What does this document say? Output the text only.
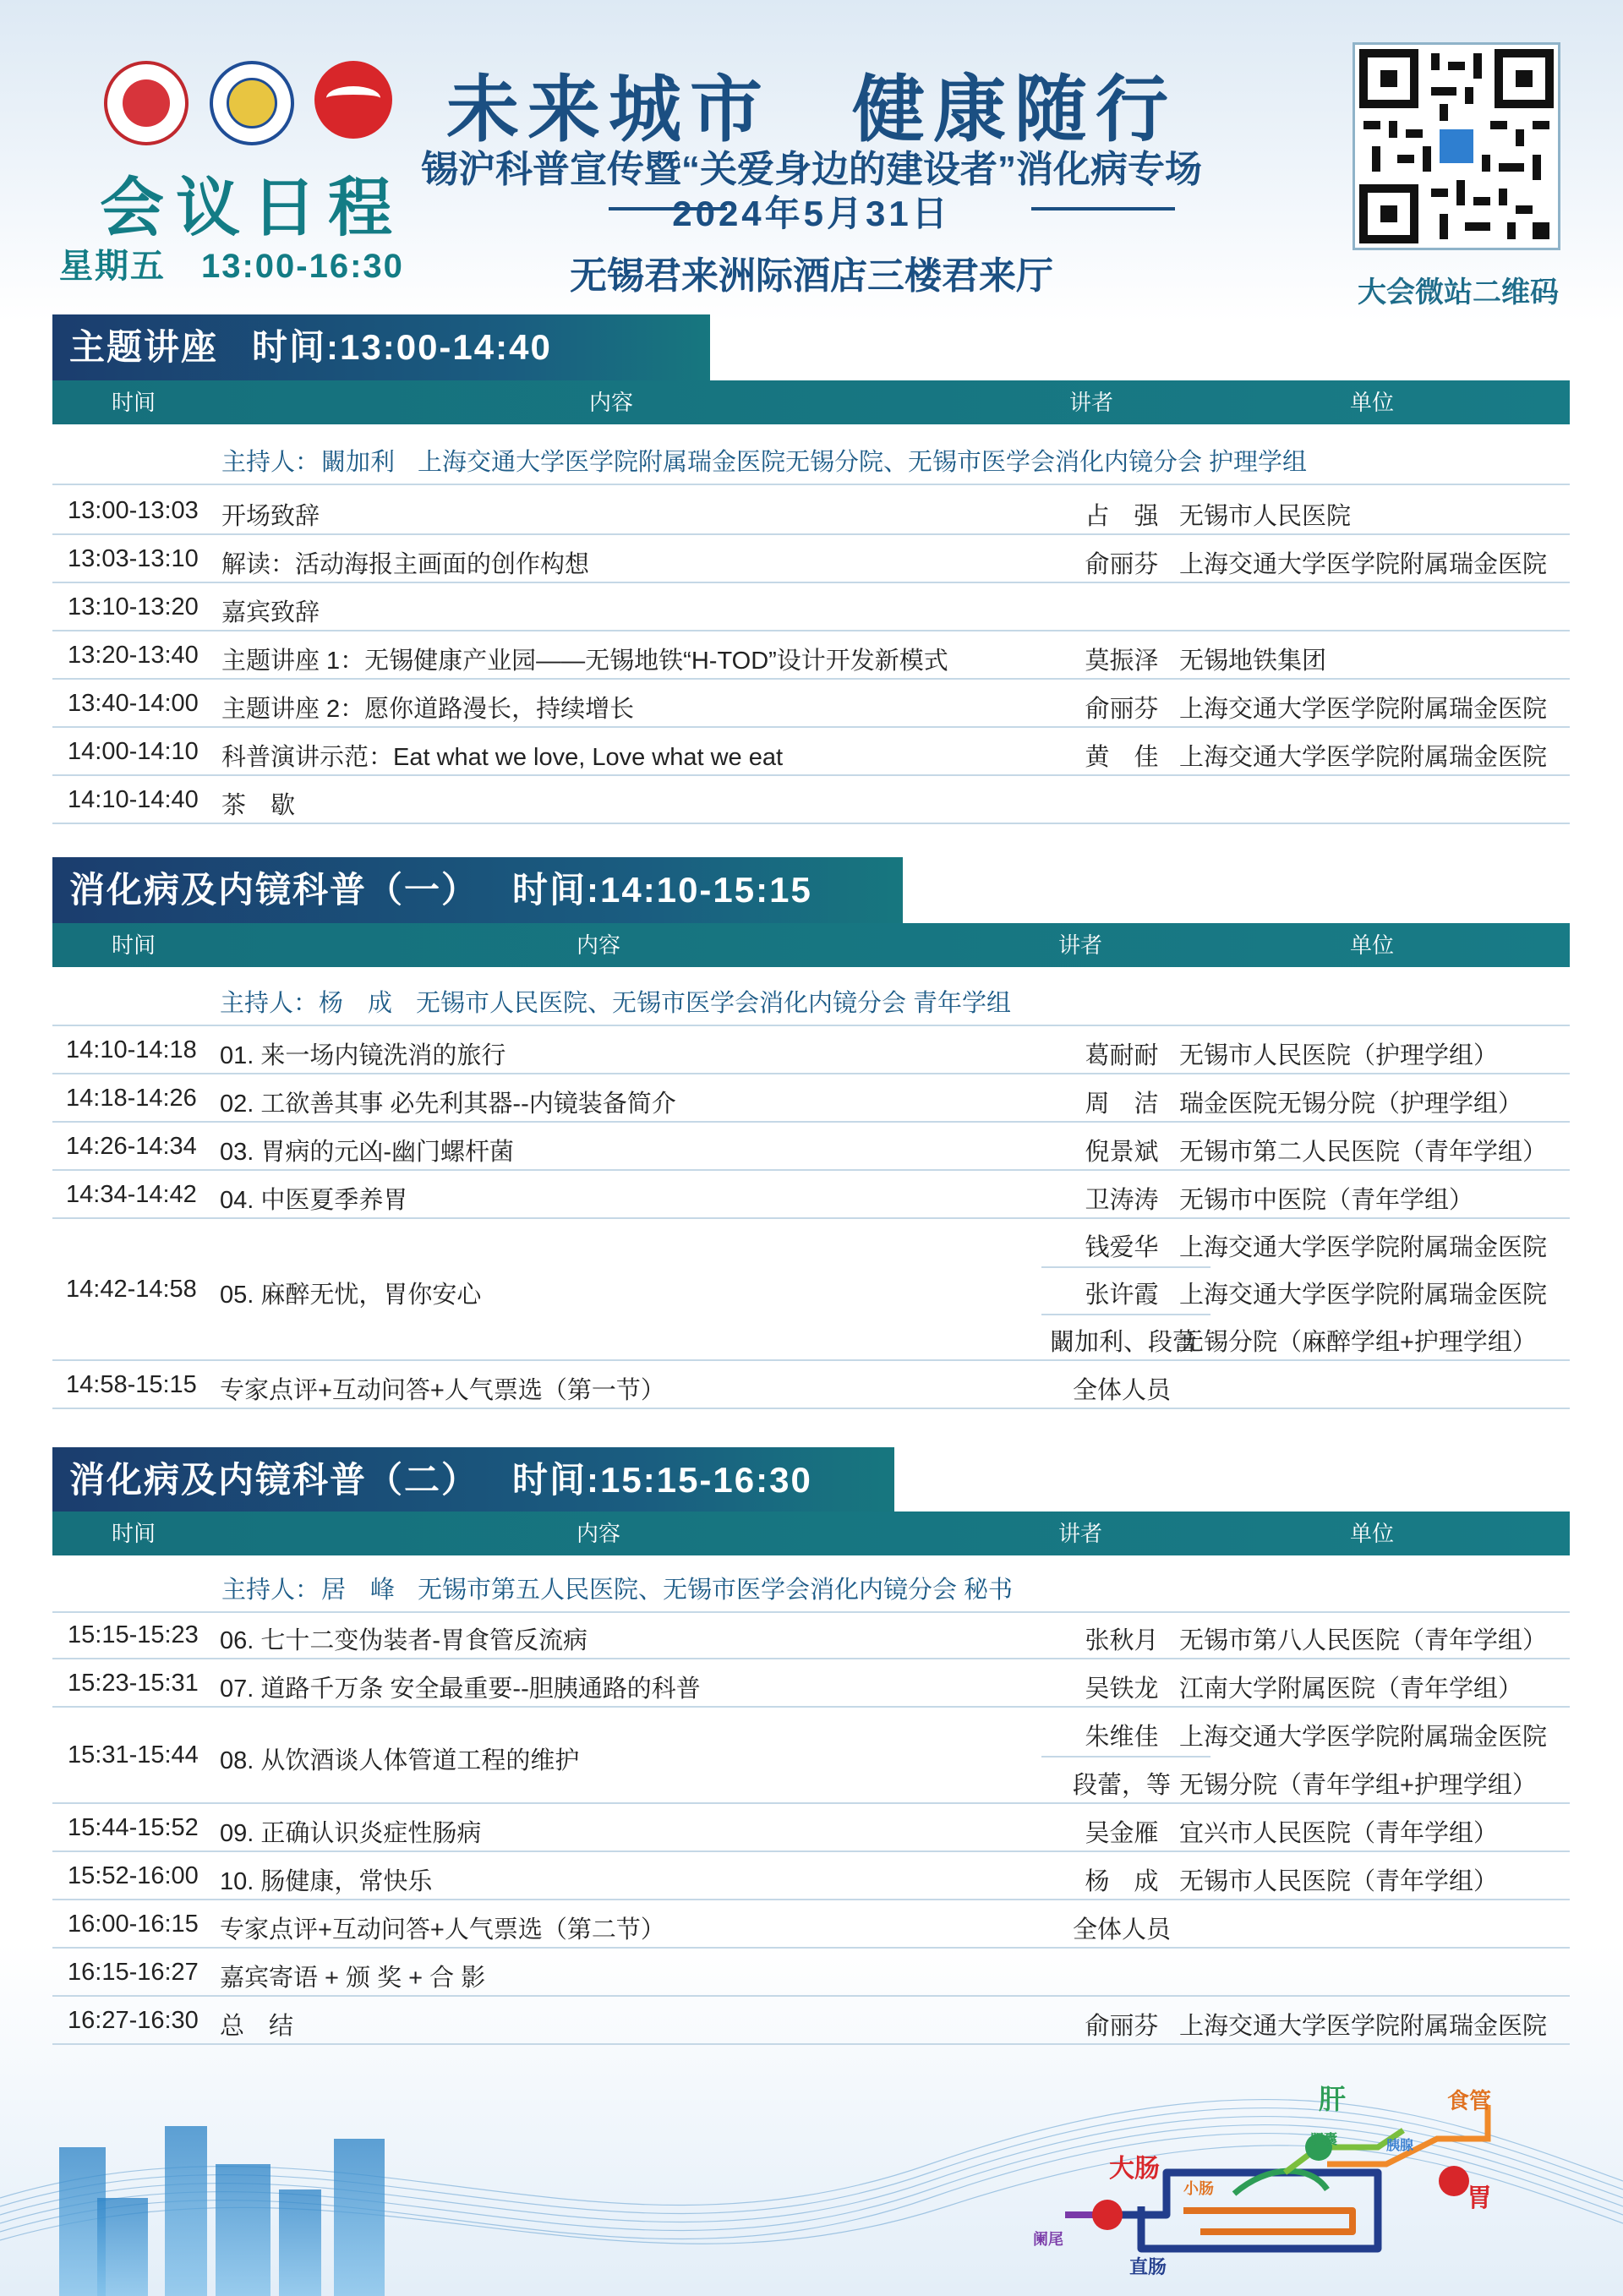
会议日程
星期五　13:00-16:30
未来城市　健康随行
锡沪科普宣传暨“关爱身边的建设者”消化病专场
2024年5月31日
无锡君来洲际酒店三楼君来厅	大会微站二维码
主题讲座 时间:13:00-14:40
时间	内容	讲者	单位
主持人： 闞加利 上海交通大学医学院附属瑞金医院无锡分院、无锡市医学会消化内镜分会 护理学组
13:00-13:03 开场致辞	占　强 无锡市人民医院
13:03-13:10 解读：活动海报主画面的创作构想	俞丽芬 上海交通大学医学院附属瑞金医院
13:10-13:20 嘉宾致辞
13:20-13:40 主题讲座 1：无锡健康产业园——无锡地铁“H-TOD”设计开发新模式	莫振泽 无锡地铁集团
13:40-14:00 主题讲座 2：愿你道路漫长，持续增长	俞丽芬 上海交通大学医学院附属瑞金医院
14:00-14:10 科普演讲示范：Eat what we love, Love what we eat	黄　佳 上海交通大学医学院附属瑞金医院
14:10-14:40 茶　歇
消化病及内镜科普（一） 时间:14:10-15:15
时间	内容	讲者	单位
主持人： 杨　成 无锡市人民医院、无锡市医学会消化内镜分会 青年学组
14:10-14:18 01. 来一场内镜洗消的旅行	葛耐耐 无锡市人民医院（护理学组）
14:18-14:26 02. 工欲善其事 必先利其器--内镜装备简介	周　洁 瑞金医院无锡分院（护理学组）
14:26-14:34 03. 胃病的元凶-幽门螺杆菌	倪景斌 无锡市第二人民医院（青年学组）
14:34-14:42 04. 中医夏季养胃	卫涛涛 无锡市中医院（青年学组）
14:42-14:58 05. 麻醉无忧，胃你安心
钱爱华 上海交通大学医学院附属瑞金医院
张许霞 上海交通大学医学院附属瑞金医院
闞加利、段蕾
无锡分院（麻醉学组+护理学组）
14:58-15:15 专家点评+互动问答+人气票选（第一节）	全体人员
消化病及内镜科普（二） 时间:15:15-16:30
时间	内容	讲者	单位
主持人： 居　峰 无锡市第五人民医院、无锡市医学会消化内镜分会 秘书
15:15-15:23 06. 七十二变伪装者-胃食管反流病	张秋月 无锡市第八人民医院（青年学组）
15:23-15:31 07. 道路千万条 安全最重要--胆胰通路的科普	吴铁龙 江南大学附属医院（青年学组）
15:31-15:44 08. 从饮酒谈人体管道工程的维护
朱维佳 上海交通大学医学院附属瑞金医院
段蕾，等 无锡分院（青年学组+护理学组）
15:44-15:52 09. 正确认识炎症性肠病	吴金雁 宜兴市人民医院（青年学组）
15:52-16:00 10. 肠健康，常快乐	杨　成 无锡市人民医院（青年学组）
16:00-16:15 专家点评+互动问答+人气票选（第二节）	全体人员
16:15-16:27 嘉宾寄语 + 颁 奖 + 合 影
16:27-16:30 总　结	俞丽芬 上海交通大学医学院附属瑞金医院
肝	食管
大肠
胃
小肠
胆囊	胰腺
阑尾
直肠
